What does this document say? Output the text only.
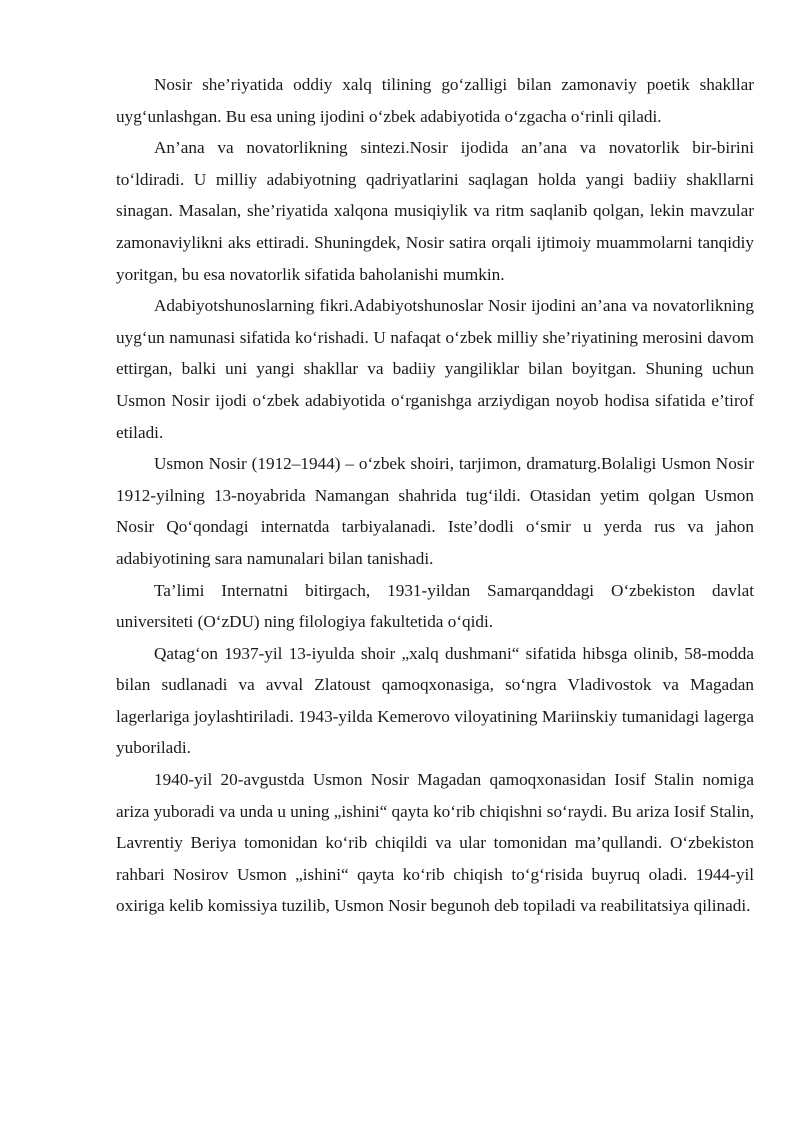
Nosir she’riyatida oddiy xalq tilining go‘zalligi bilan zamonaviy poetik shakllar uyg‘unlashgan. Bu esa uning ijodini o‘zbek adabiyotida o‘zgacha o‘rinli qiladi.

An’ana va novatorlikning sintezi.Nosir ijodida an’ana va novatorlik bir-birini to‘ldiradi. U milliy adabiyotning qadriyatlarini saqlagan holda yangi badiiy shakllarni sinagan. Masalan, she’riyatida xalqona musiqiylik va ritm saqlanib qolgan, lekin mavzular zamonaviylikni aks ettiradi. Shuningdek, Nosir satira orqali ijtimoiy muammolarni tanqidiy yoritgan, bu esa novatorlik sifatida baholanishi mumkin.

Adabiyotshunoslarning fikri.Adabiyotshunoslar Nosir ijodini an’ana va novatorlikning uyg‘un namunasi sifatida ko‘rishadi. U nafaqat o‘zbek milliy she’riyatining merosini davom ettirgan, balki uni yangi shakllar va badiiy yangiliklar bilan boyitgan. Shuning uchun Usmon Nosir ijodi o‘zbek adabiyotida o‘rganishga arziydigan noyob hodisa sifatida e’tirof etiladi.

Usmon Nosir (1912–1944) – o‘zbek shoiri, tarjimon, dramaturg.Bolaligi Usmon Nosir 1912-yilning 13-noyabrida Namangan shahrida tug‘ildi. Otasidan yetim qolgan Usmon Nosir Qo‘qondagi internatda tarbiyalanadi. Iste’dodli o‘smir u yerda rus va jahon adabiyotining sara namunalari bilan tanishadi.

Ta’limi Internatni bitirgach, 1931-yildan Samarqanddagi O‘zbekiston davlat universiteti (O‘zDU) ning filologiya fakultetida o‘qidi.

Qatag‘on 1937-yil 13-iyulda shoir „xalq dushmani“ sifatida hibsga olinib, 58-modda bilan sudlanadi va avval Zlatoust qamoqxonasiga, so‘ngra Vladivostok va Magadan lagerlariga joylashtiriladi. 1943-yilda Kemerovo viloyatining Mariinskiy tumanidagi lagerga yuboriladi.

1940-yil 20-avgustda Usmon Nosir Magadan qamoqxonasidan Iosif Stalin nomiga ariza yuboradi va unda u uning „ishini“ qayta ko‘rib chiqishni so‘raydi. Bu ariza Iosif Stalin, Lavrentiy Beriya tomonidan ko‘rib chiqildi va ular tomonidan ma’qullandi. O‘zbekiston rahbari Nosirov Usmon „ishini“ qayta ko‘rib chiqish to‘g‘risida buyruq oladi. 1944-yil oxiriga kelib komissiya tuzilib, Usmon Nosir begunoh deb topiladi va reabilitatsiya qilinadi.
